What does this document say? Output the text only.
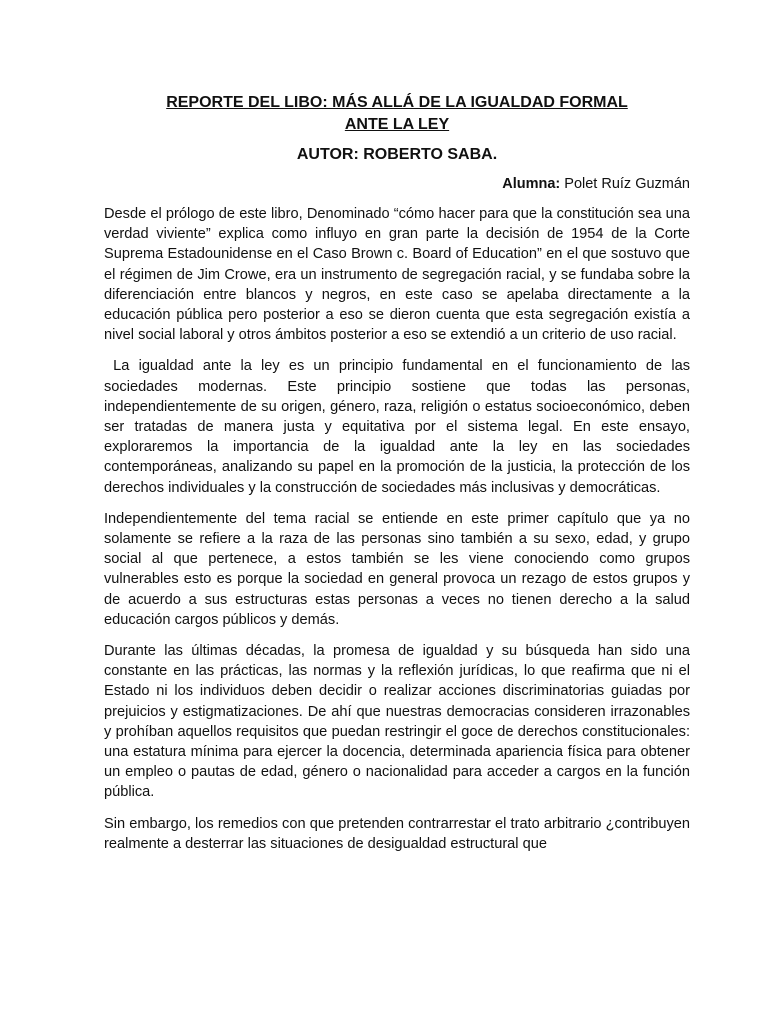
REPORTE DEL LIBO: MÁS ALLÁ DE LA IGUALDAD FORMAL
ANTE LA LEY

AUTOR: ROBERTO SABA.

Alumna: Polet Ruíz Guzmán

Desde el prólogo de este libro, Denominado “cómo hacer para que la constitución sea una verdad viviente” explica como influyo en gran parte la decisión de 1954 de la Corte Suprema Estadounidense en el Caso Brown c. Board of Education” en el que sostuvo que el régimen de Jim Crowe, era un instrumento de segregación racial, y se fundaba sobre la diferenciación entre blancos y negros, en este caso se apelaba directamente a la educación pública pero posterior a eso se dieron cuenta que esta segregación existía a nivel social laboral y otros ámbitos posterior a eso se extendió a un criterio de uso racial.

La igualdad ante la ley es un principio fundamental en el funcionamiento de las sociedades modernas. Este principio sostiene que todas las personas, independientemente de su origen, género, raza, religión o estatus socioeconómico, deben ser tratadas de manera justa y equitativa por el sistema legal. En este ensayo, exploraremos la importancia de la igualdad ante la ley en las sociedades contemporáneas, analizando su papel en la promoción de la justicia, la protección de los derechos individuales y la construcción de sociedades más inclusivas y democráticas.

Independientemente del tema racial se entiende en este primer capítulo que ya no solamente se refiere a la raza de las personas sino también a su sexo, edad, y grupo   social al que pertenece, a estos también se les viene conociendo como grupos vulnerables esto es porque la sociedad en general provoca un rezago de estos grupos y de acuerdo a sus estructuras estas personas a veces no tienen derecho a la salud educación cargos públicos y demás.

Durante las últimas décadas, la promesa de igualdad y su búsqueda han sido una constante en las prácticas, las normas y la reflexión jurídicas, lo que reafirma que ni el Estado ni los individuos deben decidir o realizar acciones discriminatorias guiadas por prejuicios y estigmatizaciones. De ahí que nuestras democracias consideren irrazonables y prohíban aquellos requisitos que puedan restringir el goce de derechos constitucionales: una estatura mínima para ejercer la docencia, determinada apariencia física para obtener un empleo o pautas de edad, género o nacionalidad para acceder a cargos en la función pública.

Sin embargo, los remedios con que pretenden contrarrestar el trato arbitrario ¿contribuyen realmente a desterrar las situaciones de desigualdad estructural que
